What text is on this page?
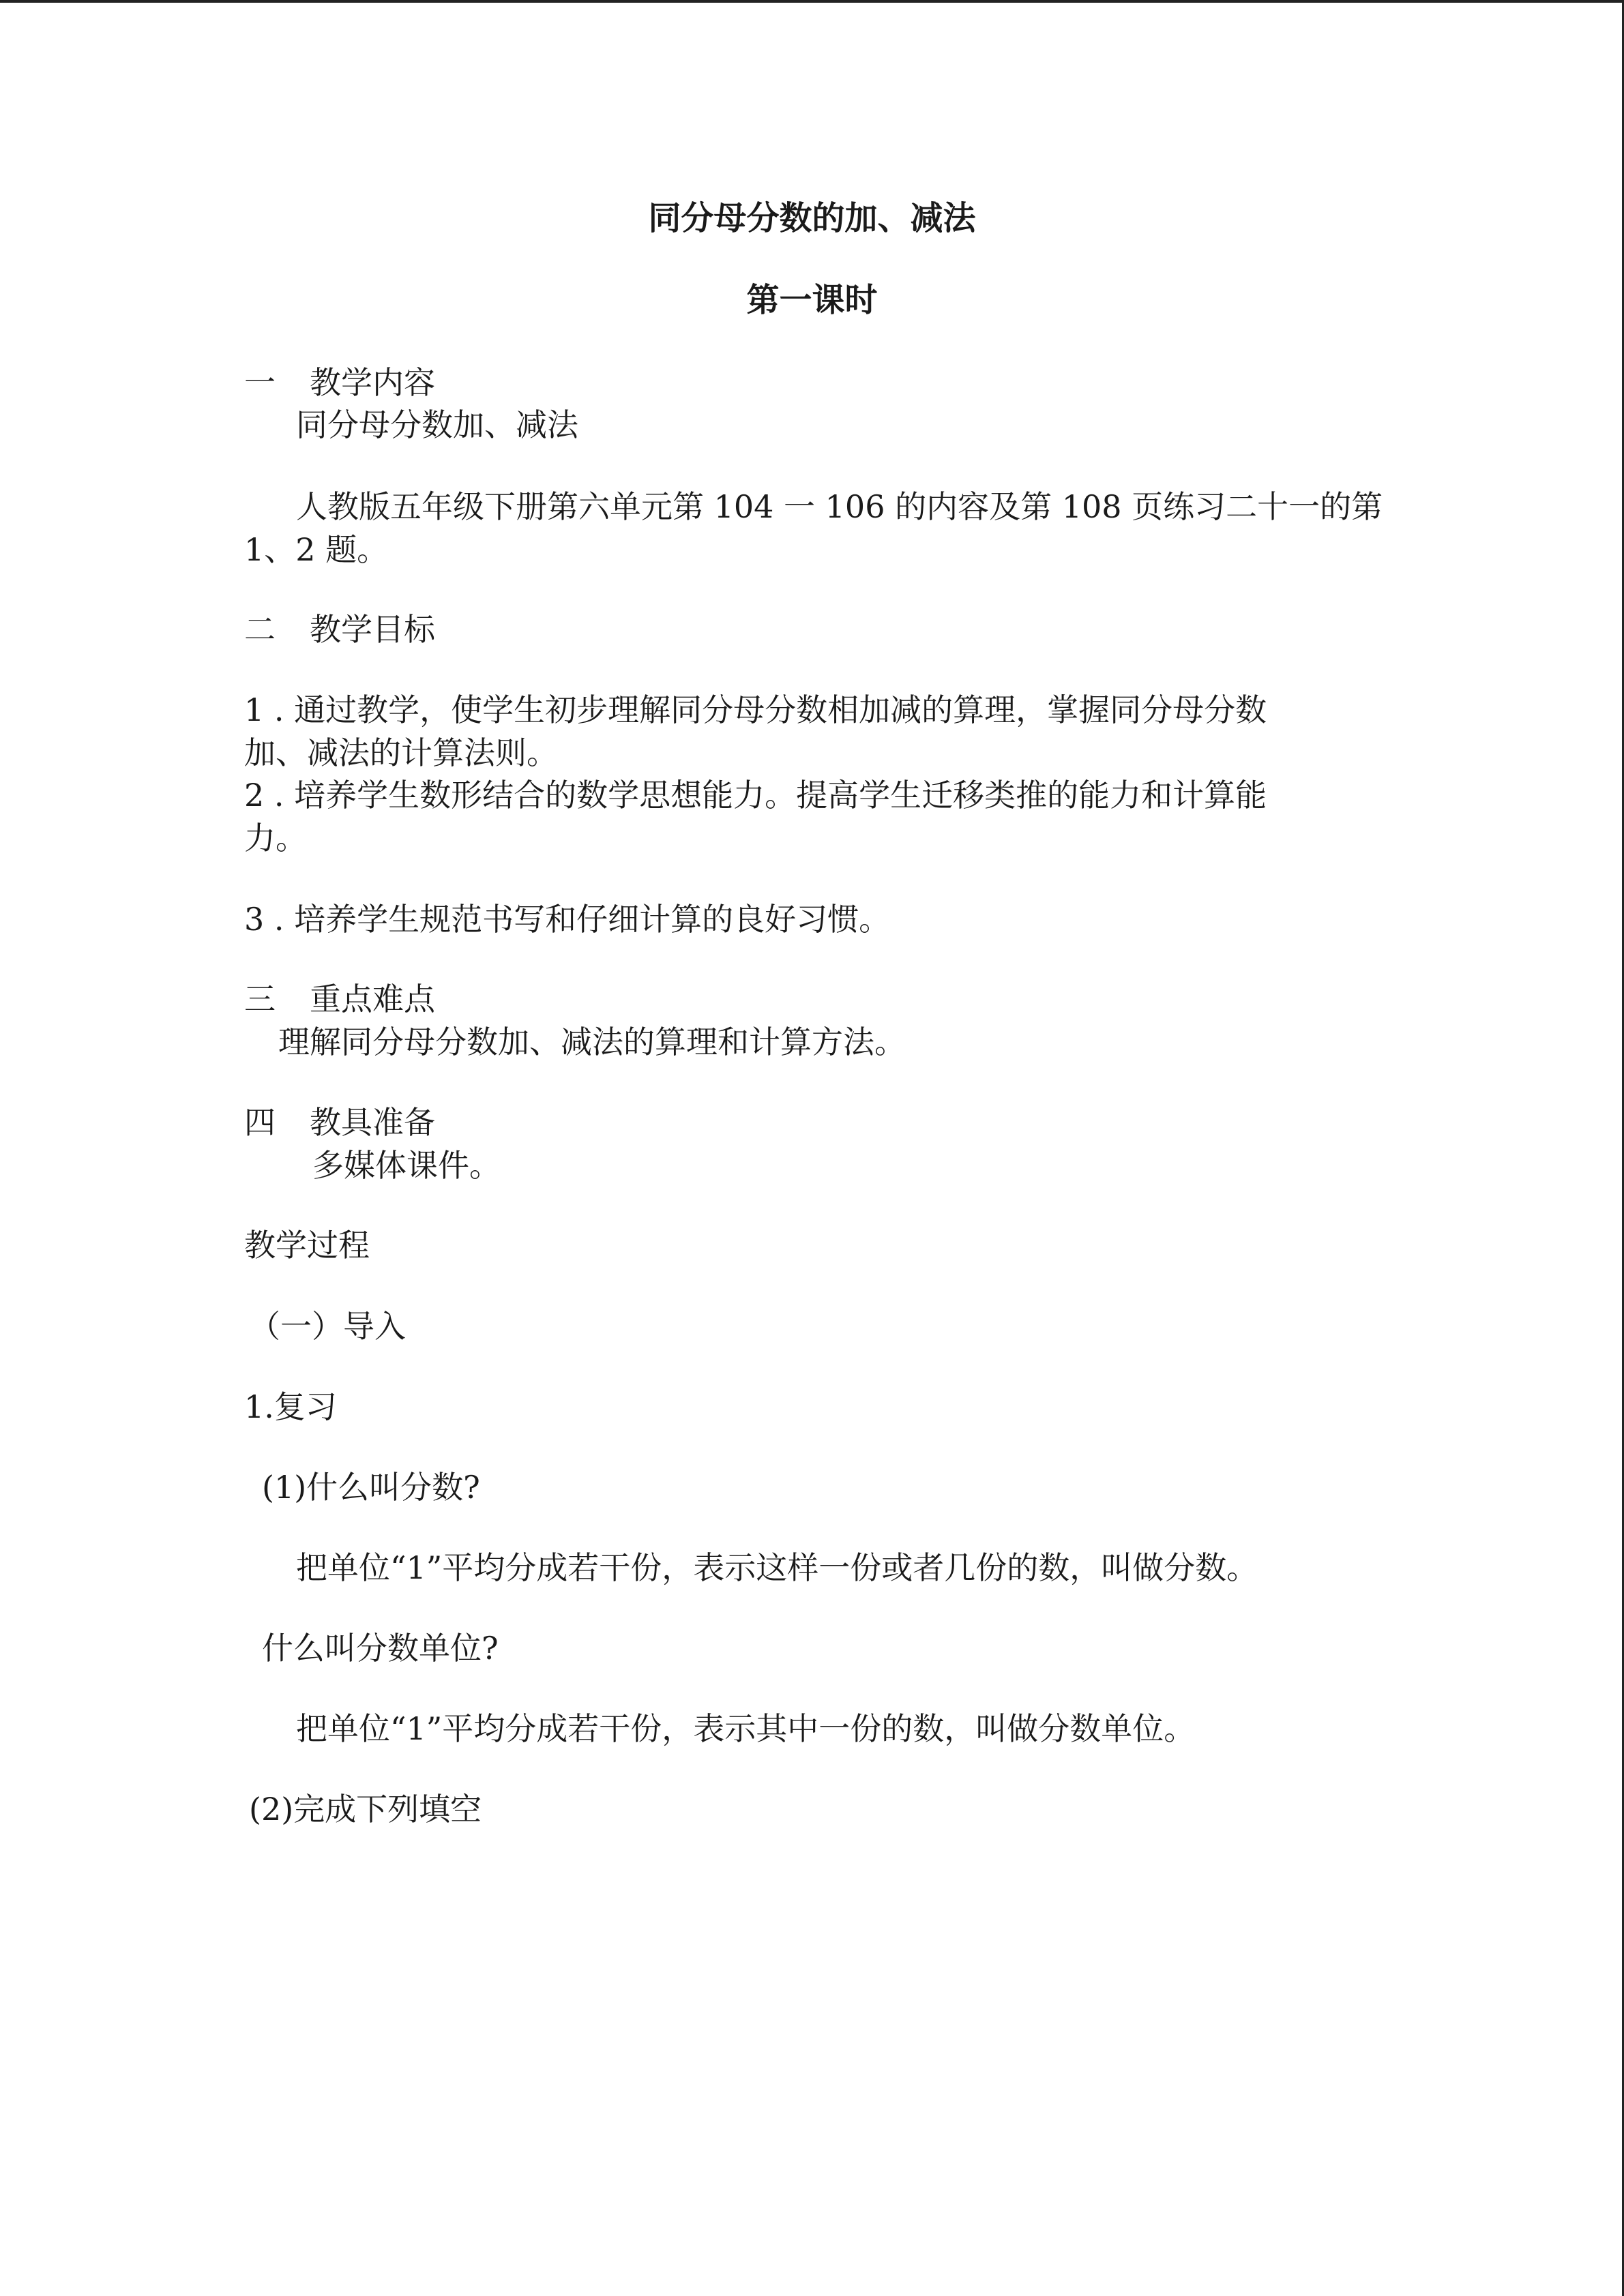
同分母分数的加、减法
第一课时
一 教学内容
同分母分数加、减法
人教版五年级下册第六单元第 104 一 106 的内容及第 108 页练习二十一的第
1、2 题。
二 教学目标
1 . 通过教学，使学生初步理解同分母分数相加减的算理，掌握同分母分数
加、减法的计算法则。
2 . 培养学生数形结合的数学思想能力。提高学生迁移类推的能力和计算能
力。
3 . 培养学生规范书写和仔细计算的良好习惯。
三 重点难点
理解同分母分数加、减法的算理和计算方法。
四 教具准备
多媒体课件。
教学过程
（一）导入
1.复习
(1)什么叫分数?
把单位“1”平均分成若干份，表示这样一份或者几份的数，叫做分数。
什么叫分数单位?
把单位“1”平均分成若干份，表示其中一份的数，叫做分数单位。
(2)完成下列填空
